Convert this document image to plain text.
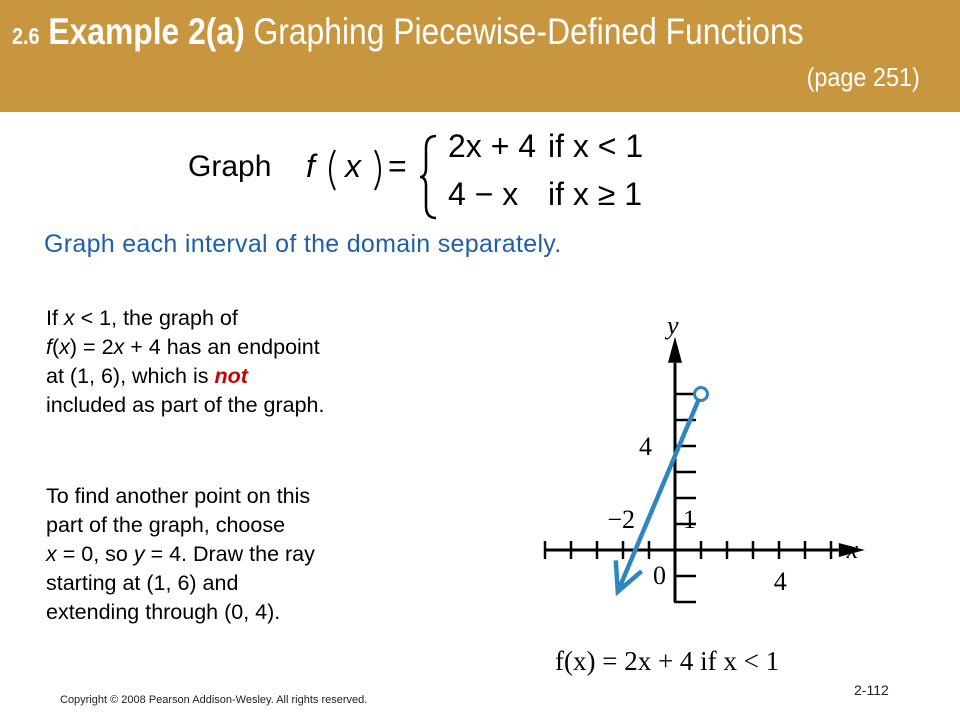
2.6 Example 2(a) Graphing Piecewise-Defined Functions
(page 251)
Graph f x =
2x + 4 if x < 1
4 − x if x ≥ 1
Graph each interval of the domain separately.
If x < 1, the graph of
f(x) = 2x + 4 has an endpoint
at (1, 6), which is not
included as part of the graph.
To find another point on this
part of the graph, choose
x = 0, so y = 4. Draw the ray
starting at (1, 6) and
extending through (0, 4).
4
4
−2 1
0
x
y
f(x) = 2x + 4 if x < 1
Copyright © 2008 Pearson Addison-Wesley. All rights reserved.
2-112
